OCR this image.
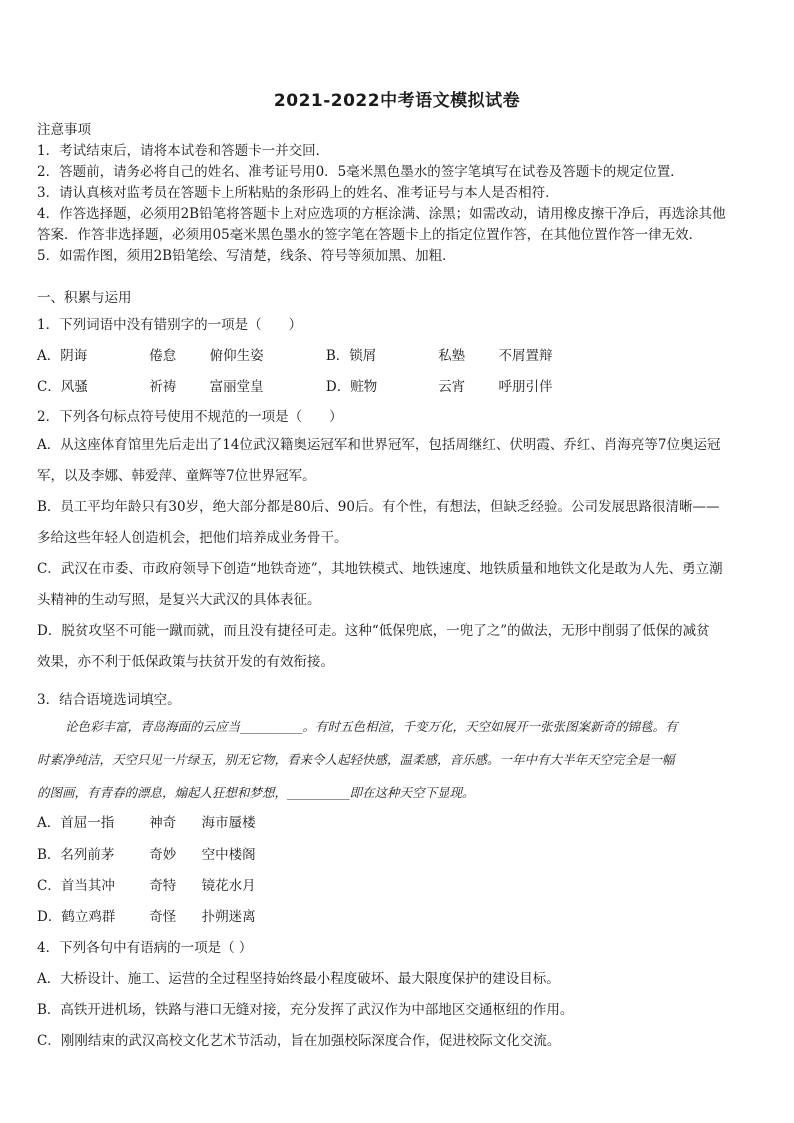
2021-2022中考语文模拟试卷

注意事项

1．考试结束后，请将本试卷和答题卡一并交回．

2．答题前，请务必将自己的姓名、准考证号用0．5毫米黑色墨水的签字笔填写在试卷及答题卡的规定位置．

3．请认真核对监考员在答题卡上所粘贴的条形码上的姓名、准考证号与本人是否相符．

4．作答选择题，必须用2B铅笔将答题卡上对应选项的方框涂满、涂黑；如需改动，请用橡皮擦干净后，再选涂其他

答案．作答非选择题，必须用05毫米黑色墨水的签字笔在答题卡上的指定位置作答，在其他位置作答一律无效．

5．如需作图，须用2B铅笔绘、写清楚，线条、符号等须加黑、加粗．

一、积累与运用
1．下列词语中没有错别字的一项是（　　）
A．阴诲	倦怠 俯仰生姿	B．锁屑	私塾 不屑置辩
C．风骚	祈祷 富丽堂皇	D．赃物	云宵 呼朋引伴
2．下列各句标点符号使用不规范的一项是（　　）

A．从这座体育馆里先后走出了14位武汉籍奥运冠军和世界冠军，包括周继红、伏明霞、乔红、肖海亮等7位奥运冠

军，以及李娜、韩爱萍、童辉等7位世界冠军。

B．员工平均年龄只有30岁，绝大部分都是80后、90后。有个性，有想法，但缺乏经验。公司发展思路很清晰——

多给这些年轻人创造机会，把他们培养成业务骨干。

C．武汉在市委、市政府领导下创造“地铁奇迹”，其地铁模式、地铁速度、地铁质量和地铁文化是敢为人先、勇立潮

头精神的生动写照，是复兴大武汉的具体表征。

D．脱贫攻坚不可能一蹴而就，而且没有捷径可走。这种“低保兜底，一兜了之”的做法，无形中削弱了低保的减贫

效果，亦不利于低保政策与扶贫开发的有效衔接。

3．结合语境选词填空。

论色彩丰富，青岛海面的云应当__________。有时五色相渲，千变万化，天空如展开一张张图案新奇的锦毯。有

时素净纯洁，天空只见一片绿玉，别无它物，看来令人起轻快感，温柔感，音乐感。一年中有大半年天空完全是一幅

的图画，有青春的漂息，煽起人狂想和梦想，__________即在这种天空下显现。

A．首屈一指	神奇 海市蜃楼
B．名列前茅	奇妙 空中楼阁
C．首当其冲	奇特 镜花水月
D．鹤立鸡群	奇怪 扑朔迷离
4．下列各句中有语病的一项是（ ）
A．大桥设计、施工、运营的全过程坚持始终最小程度破坏、最大限度保护的建设目标。
B．高铁开进机场，铁路与港口无缝对接，充分发挥了武汉作为中部地区交通枢纽的作用。
C．刚刚结束的武汉高校文化艺术节活动，旨在加强校际深度合作，促进校际文化交流。
